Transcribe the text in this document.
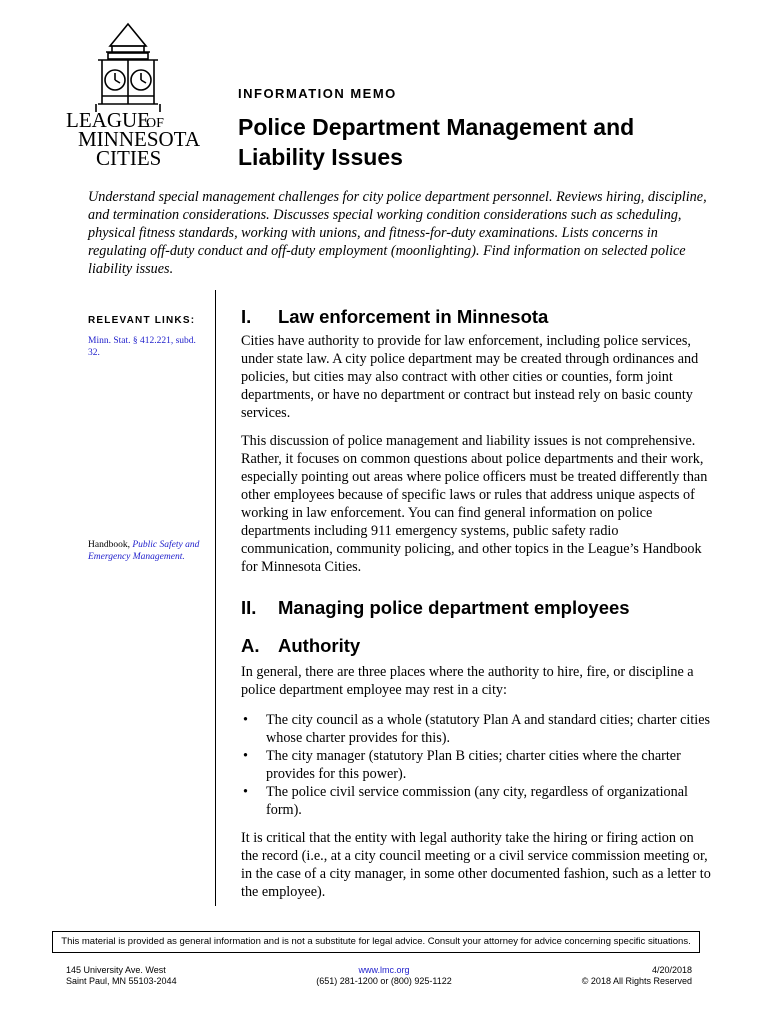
LEAGUE
OF
MINNESOTA
CITIES
INFORMATION MEMO
Police Department Management and
Liability Issues
Understand special management challenges for city police department personnel. Reviews hiring, discipline, and termination considerations. Discusses special working condition considerations such as scheduling, physical fitness standards, working with unions, and fitness-for-duty examinations. Lists concerns in regulating off-duty conduct and off-duty employment (moonlighting). Find information on selected police liability issues.
RELEVANT LINKS:
Minn. Stat. § 412.221, subd. 32.
Handbook, Public Safety and Emergency Management.
I. Law enforcement in Minnesota
Cities have authority to provide for law enforcement, including police services, under state law. A city police department may be created through ordinances and policies, but cities may also contract with other cities or counties, form joint departments, or have no department or contract but instead rely on basic county services.
This discussion of police management and liability issues is not comprehensive. Rather, it focuses on common questions about police departments and their work, especially pointing out areas where police officers must be treated differently than other employees because of specific laws or rules that address unique aspects of working in law enforcement. You can find general information on police departments including 911 emergency systems, public safety radio communication, community policing, and other topics in the League’s Handbook for Minnesota Cities.
II. Managing police department employees
A. Authority
In general, there are three places where the authority to hire, fire, or discipline a police department employee may rest in a city:
• The city council as a whole (statutory Plan A and standard cities; charter cities whose charter provides for this).
• The city manager (statutory Plan B cities; charter cities where the charter provides for this power).
• The police civil service commission (any city, regardless of organizational form).
It is critical that the entity with legal authority take the hiring or firing action on the record (i.e., at a city council meeting or a civil service commission meeting or, in the case of a city manager, in some other documented fashion, such as a letter to the employee).
This material is provided as general information and is not a substitute for legal advice. Consult your attorney for advice concerning specific situations.
145 University Ave. West
Saint Paul, MN 55103-2044
www.lmc.org
(651) 281-1200 or (800) 925-1122
4/20/2018
© 2018 All Rights Reserved
